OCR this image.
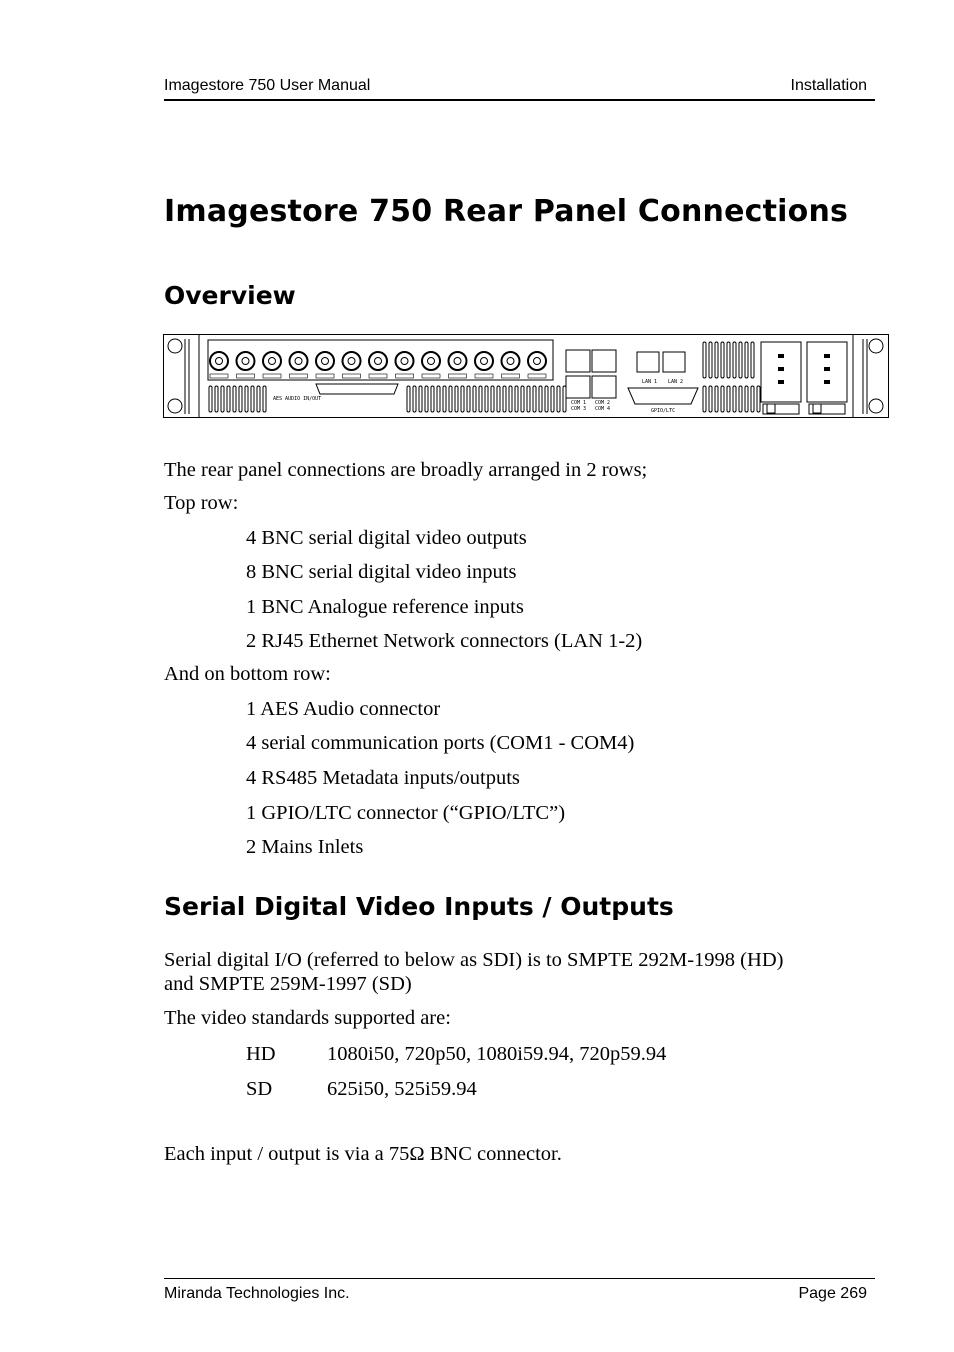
Imagestore 750 User Manual	Installation
Imagestore 750 Rear Panel Connections
Overview
AES AUDIO IN/OUT
LAN 1 LAN 2
COM 1 COM 2
COM 3 COM 4	GPIO/LTC
The rear panel connections are broadly arranged in 2 rows;
Top row:
4 BNC serial digital video outputs
8 BNC serial digital video inputs
1 BNC Analogue reference inputs
2 RJ45 Ethernet Network connectors (LAN 1-2)
And on bottom row:
1 AES Audio connector
4 serial communication ports (COM1 - COM4)
4 RS485 Metadata inputs/outputs
1 GPIO/LTC connector (“GPIO/LTC”)
2 Mains Inlets
Serial Digital Video Inputs / Outputs
Serial digital I/O (referred to below as SDI) is to SMPTE 292M-1998 (HD)
and SMPTE 259M-1997 (SD)
The video standards supported are:
HD	1080i50, 720p50, 1080i59.94, 720p59.94
SD	625i50, 525i59.94
Each input / output is via a 75Ω BNC connector.
Miranda Technologies Inc.	Page 269
